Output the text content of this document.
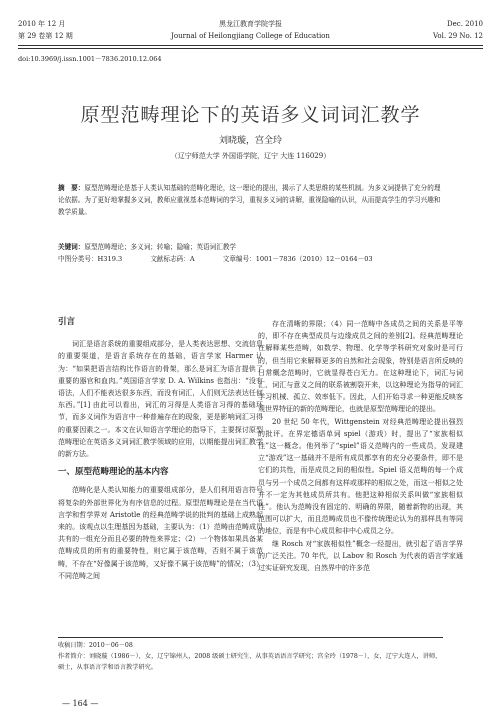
2010 年 12 月
第 29 卷第 12 期
黑龙江教育学院学报
Journal of Heilongjiang College of Education
Dec. 2010
Vol. 29 No. 12
doi:10.3969/j.issn.1001－7836.2010.12.064
原型范畴理论下的英语多义词词汇教学
刘晓璇，宫全玲
（辽宁师范大学 外国语学院，辽宁 大连 116029）
摘　要：原型范畴理论是基于人类认知基础的范畴化理论，这一理论的提出，揭示了人类思维的某些机制。为多义词提供了充分的理论依据。为了更好地掌握多义词，教师应重视基本范畴词的学习，重视多义词的讲解，重视隐喻的认识，从而提高学生的学习兴趣和教学质量。
关键词：原型范畴理论；多义词；转喻；隐喻；英语词汇教学
中图分类号：H319.3	文献标志码：A	文章编号：1001－7836（2010）12－0164－03
引言

词汇是语言系统的重要组成部分，是人类表达思想、交流信息的重要渠道，是语言系统存在的基础，语言学家 Harmer 认为：“如果把语言结构比作语言的骨架，那么是词汇为语言提供了重要的器官和血肉。”英国语言学家 D. A. Wilkins 也指出：“没有语法，人们不能表达很多东西，而没有词汇，人们则无法表达任何东西。”[1] 由此可以看出，词汇的习得是人类语言习得的基础环节，而多义词作为语言中一种普遍存在的现象，更是影响词汇习得的重要因素之一。本文在认知语言学理论的指导下，主要探讨原型范畴理论在英语多义词词汇教学领域的应用，以期能提出词汇教学的新方法。

一、原型范畴理论的基本内容

范畴化是人类认知能力的重要组成部分，是人们利用语言符号将复杂的外部世界化为有序信息的过程。原型范畴理论是在当代语言学和哲学界对 Aristotle 的经典范畴学说的批判的基础上成熟起来的。该观点以生理基因为基础，主要认为：（1）范畴由范畴成员共有的一组充分而且必要的特性来界定；（2）一个物体如果具备某范畴成员的所有的重要特性，则它属于该范畴，否则不属于该范畴，不存在“好像属于该范畴，又好像不属于该范畴”的情况；（3）不同范畴之间

存在清晰的界限；（4）同一范畴中各成员之间的关系是平等的，即不存在典型成员与边缘成员之间的差别[2]。经典范畴理论在解释某些范畴，如数学、物理、化学等学科研究对象时是可行的，但当用它来解释更多的自然和社会现象，特别是语言所反映的日常概念范畴时，它就显得苍白无力。在这种理论下，词汇与词汇、词汇与意义之间的联系被割裂开来，以这种理论为指导的词汇学习机械、孤立、效率低下。因此，人们开始寻求一种更能反映客观世界特征的新的范畴理论，也就是原型范畴理论的提出。

20 世纪 50 年代，Wittgenstein 对经典范畴理论提出强烈的批评。在界定德语单词 spiel（游戏）时，提出了“家族相似性”这一概念。他列举了“spiel”语义范畴内的一些成员，发现建立“游戏”这一基础并不是所有成员都享有的充分必要条件，即不是它们的共性，而是成员之间的相似性。Spiel 语义范畴的每一个成员与另一个成员之间都有这样或那样的相似之处，而这一相似之处并不一定为其他成员所共有。他把这种相似关系叫做“家族相似性”。他认为范畴没有固定的、明确的界限，随着新物的出现，其范围可以扩大，而且范畴成员也不像传统理论认为的那样具有等同的地位，而是有中心成员和非中心成员之分。

继 Rosch 对“家族相似性”概念一经提出，就引起了语言学界的广泛关注。70 年代，以 Labov 和 Rosch 为代表的语言学家通过实证研究发现，自然界中的许多范

收稿日期：2010－06－08
作者简介：刘晓璇（1986－），女，辽宁锦州人，2008 级硕士研究生，从事英语语言学研究；宫全玲（1978－），女，辽宁大连人，讲师，硕士，从事语言学和语言教学研究。
— 164 —
